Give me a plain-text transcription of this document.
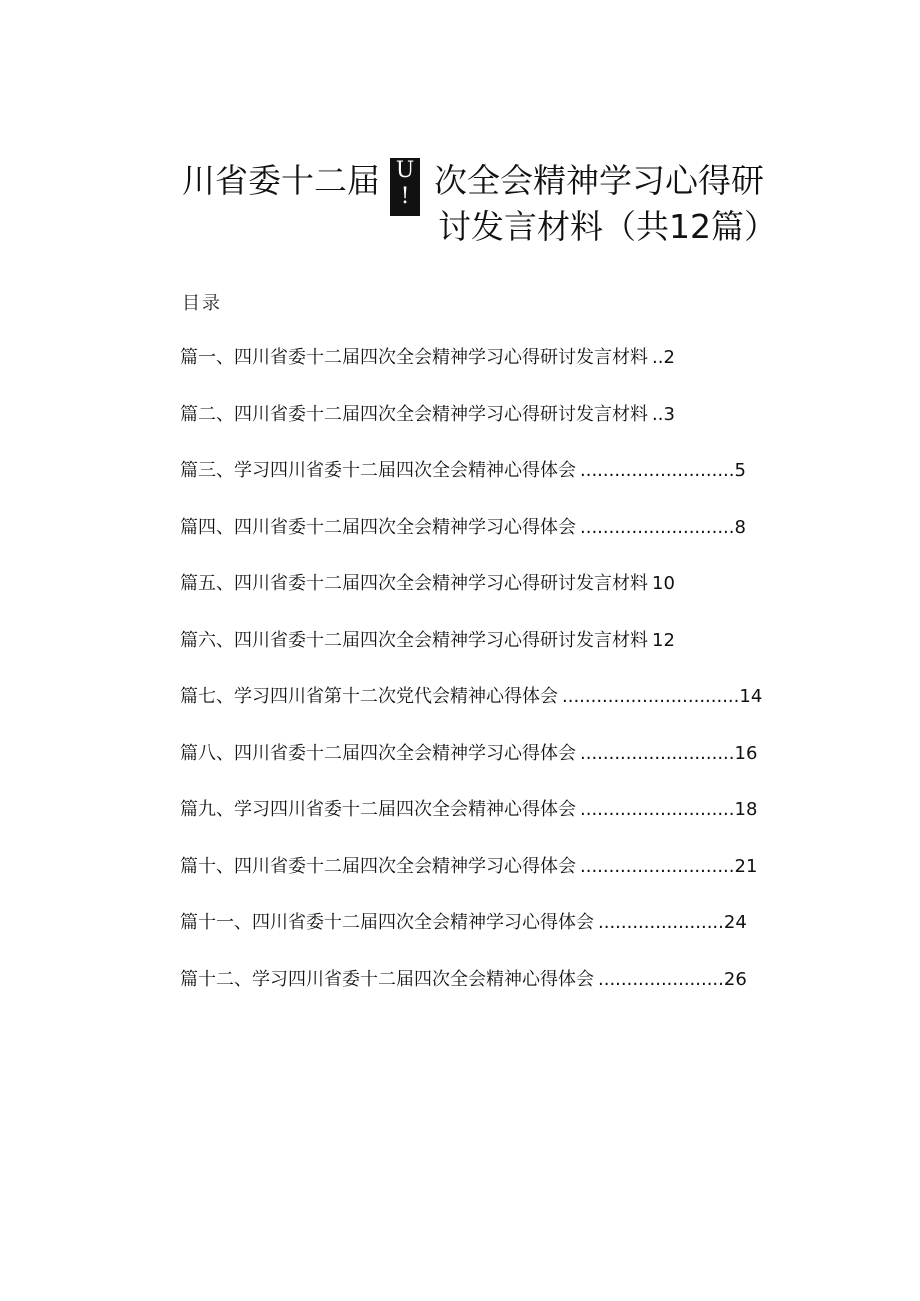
川省委十二届 U
! 次全会精神学习心得研
讨发言材料（共12篇）
目录
篇一、四川省委十二届四次全会精神学习心得研讨发言材料 .. 2
篇二、四川省委十二届四次全会精神学习心得研讨发言材料 .. 3
篇三、学习四川省委十二届四次全会精神心得体会 ........................... 5
篇四、四川省委十二届四次全会精神学习心得体会 ........................... 8
篇五、四川省委十二届四次全会精神学习心得研讨发言材料 10
篇六、四川省委十二届四次全会精神学习心得研讨发言材料 12
篇七、学习四川省第十二次党代会精神心得体会 ............................... 14
篇八、四川省委十二届四次全会精神学习心得体会 ........................... 16
篇九、学习四川省委十二届四次全会精神心得体会 ........................... 18
篇十、四川省委十二届四次全会精神学习心得体会 ........................... 21
篇十一、四川省委十二届四次全会精神学习心得体会 ...................... 24
篇十二、学习四川省委十二届四次全会精神心得体会 ...................... 26
